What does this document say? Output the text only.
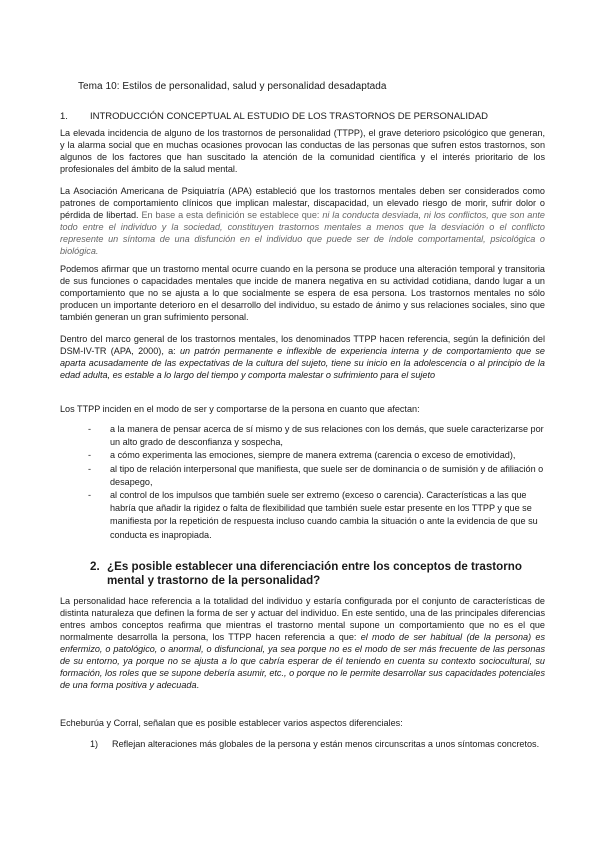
Tema 10: Estilos de personalidad, salud y personalidad desadaptada
1. INTRODUCCIÓN CONCEPTUAL AL ESTUDIO DE LOS TRASTORNOS DE PERSONALIDAD
La elevada incidencia de alguno de los trastornos de personalidad (TTPP), el grave deterioro psicológico que generan, y la alarma social que en muchas ocasiones provocan las conductas de las personas que sufren estos trastornos, son algunos de los factores que han suscitado la atención de la comunidad científica y el interés prioritario de los profesionales del ámbito de la salud mental.
La Asociación Americana de Psiquiatría (APA) estableció que los trastornos mentales deben ser considerados como patrones de comportamiento clínicos que implican malestar, discapacidad, un elevado riesgo de morir, sufrir dolor o pérdida de libertad. En base a esta definición se establece que: ni la conducta desviada, ni los conflictos, que son ante todo entre el individuo y la sociedad, constituyen trastornos mentales a menos que la desviación o el conflicto represente un síntoma de una disfunción en el individuo que puede ser de índole comportamental, psicológica o biológica.
Podemos afirmar que un trastorno mental ocurre cuando en la persona se produce una alteración temporal y transitoria de sus funciones o capacidades mentales que incide de manera negativa en su actividad cotidiana, dando lugar a un comportamiento que no se ajusta a lo que socialmente se espera de esa persona. Los trastornos mentales no sólo producen un importante deterioro en el desarrollo del individuo, su estado de ánimo y sus relaciones sociales, sino que también generan un gran sufrimiento personal.
Dentro del marco general de los trastornos mentales, los denominados TTPP hacen referencia, según la definición del DSM-IV-TR (APA, 2000), a: un patrón permanente e inflexible de experiencia interna y de comportamiento que se aparta acusadamente de las expectativas de la cultura del sujeto, tiene su inicio en la adolescencia o al principio de la edad adulta, es estable a lo largo del tiempo y comporta malestar o sufrimiento para el sujeto
Los TTPP inciden en el modo de ser y comportarse de la persona en cuanto que afectan:
- a la manera de pensar acerca de sí mismo y de sus relaciones con los demás, que suele caracterizarse por un alto grado de desconfianza y sospecha,
- a cómo experimenta las emociones, siempre de manera extrema (carencia o exceso de emotividad),
- al tipo de relación interpersonal que manifiesta, que suele ser de dominancia o de sumisión y de afiliación o desapego,
- al control de los impulsos que también suele ser extremo (exceso o carencia). Características a las que habría que añadir la rigidez o falta de flexibilidad que también suele estar presente en los TTPP y que se manifiesta por la repetición de respuesta incluso cuando cambia la situación o ante la evidencia de que su conducta es inapropiada.
2. ¿Es posible establecer una diferenciación entre los conceptos de trastorno mental y trastorno de la personalidad?
La personalidad hace referencia a la totalidad del individuo y estaría configurada por el conjunto de características de distinta naturaleza que definen la forma de ser y actuar del individuo. En este sentido, una de las principales diferencias entres ambos conceptos reafirma que mientras el trastorno mental supone un comportamiento que no es el que normalmente desarrolla la persona, los TTPP hacen referencia a que: el modo de ser habitual (de la persona) es enfermizo, o patológico, o anormal, o disfuncional, ya sea porque no es el modo de ser más frecuente de las personas de su entorno, ya porque no se ajusta a lo que cabría esperar de él teniendo en cuenta su contexto sociocultural, su formación, los roles que se supone debería asumir, etc., o porque no le permite desarrollar sus capacidades potenciales de una forma positiva y adecuada.
Echeburúa y Corral, señalan que es posible establecer varios aspectos diferenciales:
1)	Reflejan alteraciones más globales de la persona y están menos circunscritas a unos síntomas concretos.
